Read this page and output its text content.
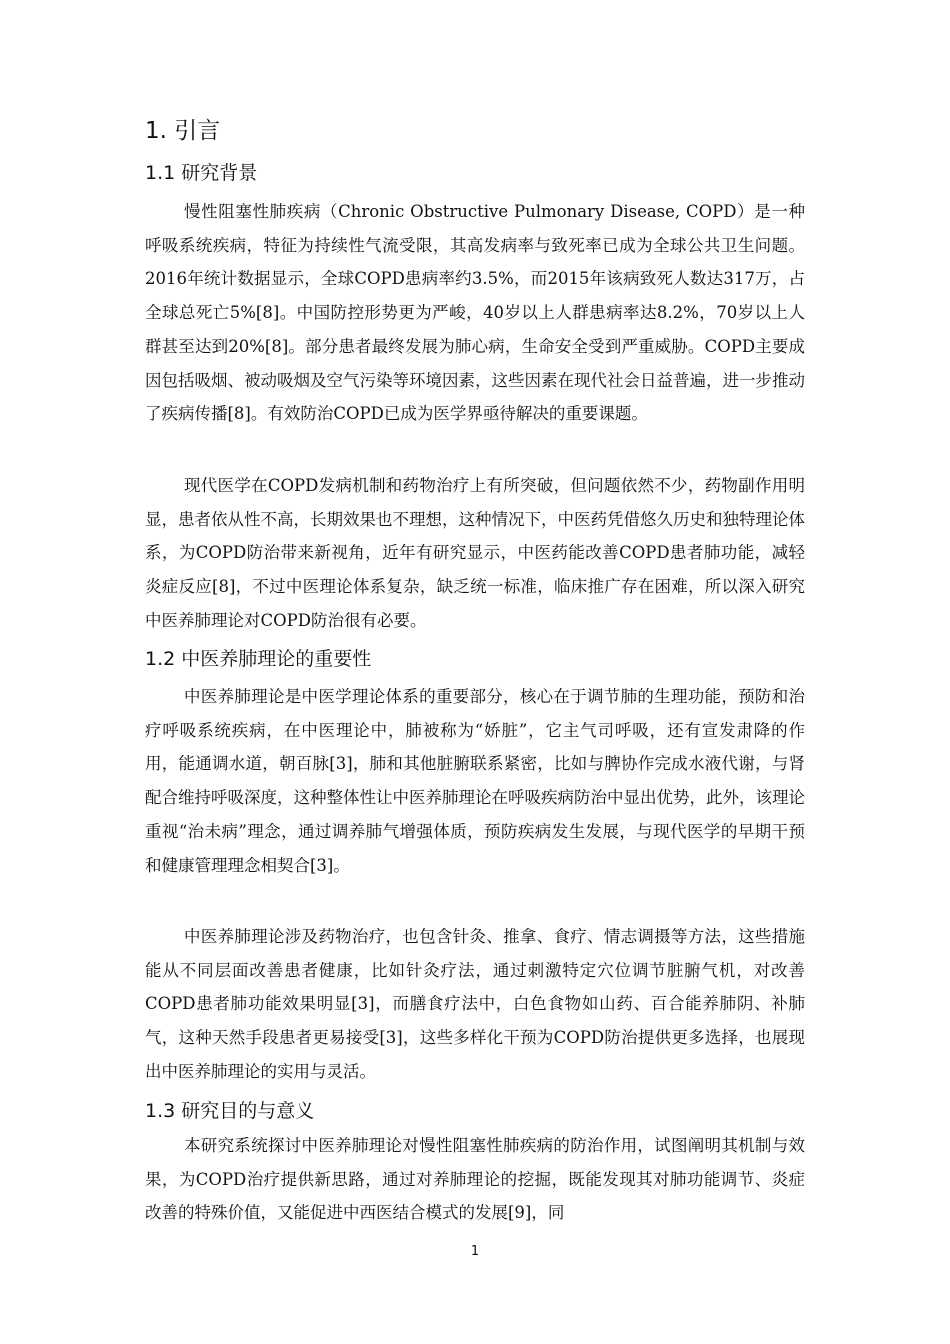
1. 引言
1.1 研究背景

慢性阻塞性肺疾病（Chronic Obstructive Pulmonary Disease, COPD）是一种呼吸系统疾病，特征为持续性气流受限，其高发病率与致死率已成为全球公共卫生问题。2016年统计数据显示，全球COPD患病率约3.5%，而2015年该病致死人数达317万，占全球总死亡5%[8]。中国防控形势更为严峻，40岁以上人群患病率达8.2%，70岁以上人群甚至达到20%[8]。部分患者最终发展为肺心病，生命安全受到严重威胁。COPD主要成因包括吸烟、被动吸烟及空气污染等环境因素，这些因素在现代社会日益普遍，进一步推动了疾病传播[8]。有效防治COPD已成为医学界亟待解决的重要课题。

现代医学在COPD发病机制和药物治疗上有所突破，但问题依然不少，药物副作用明显，患者依从性不高，长期效果也不理想，这种情况下，中医药凭借悠久历史和独特理论体系，为COPD防治带来新视角，近年有研究显示，中医药能改善COPD患者肺功能，减轻炎症反应[8]，不过中医理论体系复杂，缺乏统一标准，临床推广存在困难，所以深入研究中医养肺理论对COPD防治很有必要。

1.2 中医养肺理论的重要性

中医养肺理论是中医学理论体系的重要部分，核心在于调节肺的生理功能，预防和治疗呼吸系统疾病，在中医理论中，肺被称为“娇脏”，它主气司呼吸，还有宣发肃降的作用，能通调水道，朝百脉[3]，肺和其他脏腑联系紧密，比如与脾协作完成水液代谢，与肾配合维持呼吸深度，这种整体性让中医养肺理论在呼吸疾病防治中显出优势，此外，该理论重视“治未病”理念，通过调养肺气增强体质，预防疾病发生发展，与现代医学的早期干预和健康管理理念相契合[3]。

中医养肺理论涉及药物治疗，也包含针灸、推拿、食疗、情志调摄等方法，这些措施能从不同层面改善患者健康，比如针灸疗法，通过刺激特定穴位调节脏腑气机，对改善COPD患者肺功能效果明显[3]，而膳食疗法中，白色食物如山药、百合能养肺阴、补肺气，这种天然手段患者更易接受[3]，这些多样化干预为COPD防治提供更多选择，也展现出中医养肺理论的实用与灵活。

1.3 研究目的与意义

本研究系统探讨中医养肺理论对慢性阻塞性肺疾病的防治作用，试图阐明其机制与效果，为COPD治疗提供新思路，通过对养肺理论的挖掘，既能发现其对肺功能调节、炎症改善的特殊价值，又能促进中西医结合模式的发展[9]，同

1
